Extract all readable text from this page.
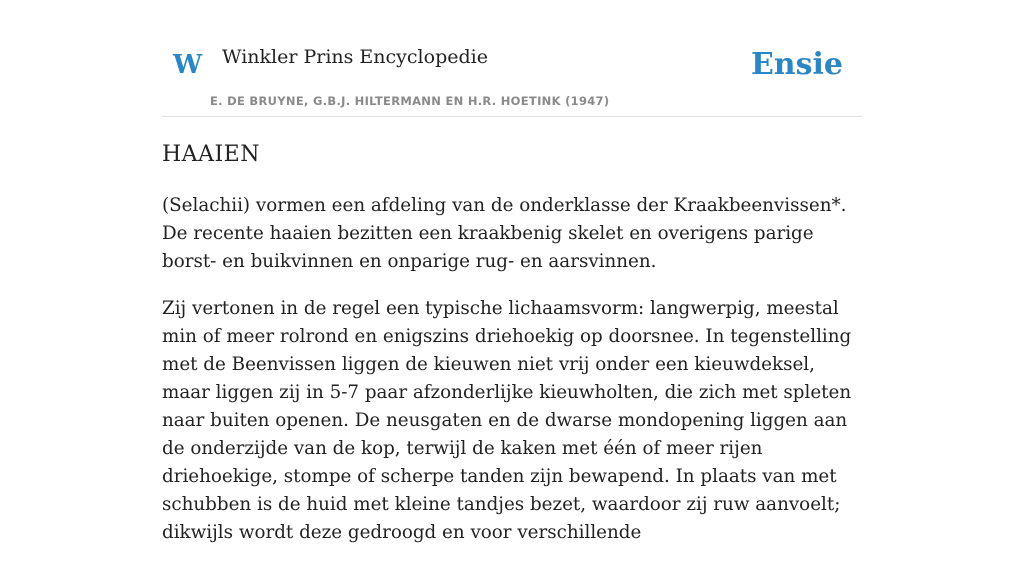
W Winkler Prins Encyclopedie
E. DE BRUYNE, G.B.J. HILTERMANN EN H.R. HOETINK (1947)
Ensie
HAAIEN

(Selachii) vormen een afdeling van de onderklasse der Kraakbeenvissen*. De recente haaien bezitten een kraakbenig skelet en overigens parige borst- en buikvinnen en onparige rug- en aarsvinnen.

Zij vertonen in de regel een typische lichaamsvorm: langwerpig, meestal min of meer rolrond en enigszins driehoekig op doorsnee. In tegenstelling met de Beenvissen liggen de kieuwen niet vrij onder een kieuwdeksel, maar liggen zij in 5-7 paar afzonderlijke kieuwholten, die zich met spleten naar buiten openen. De neusgaten en de dwarse mondopening liggen aan de onderzijde van de kop, terwijl de kaken met één of meer rijen driehoekige, stompe of scherpe tanden zijn bewapend. In plaats van met schubben is de huid met kleine tandjes bezet, waardoor zij ruw aanvoelt; dikwijls wordt deze gedroogd en voor verschillende
